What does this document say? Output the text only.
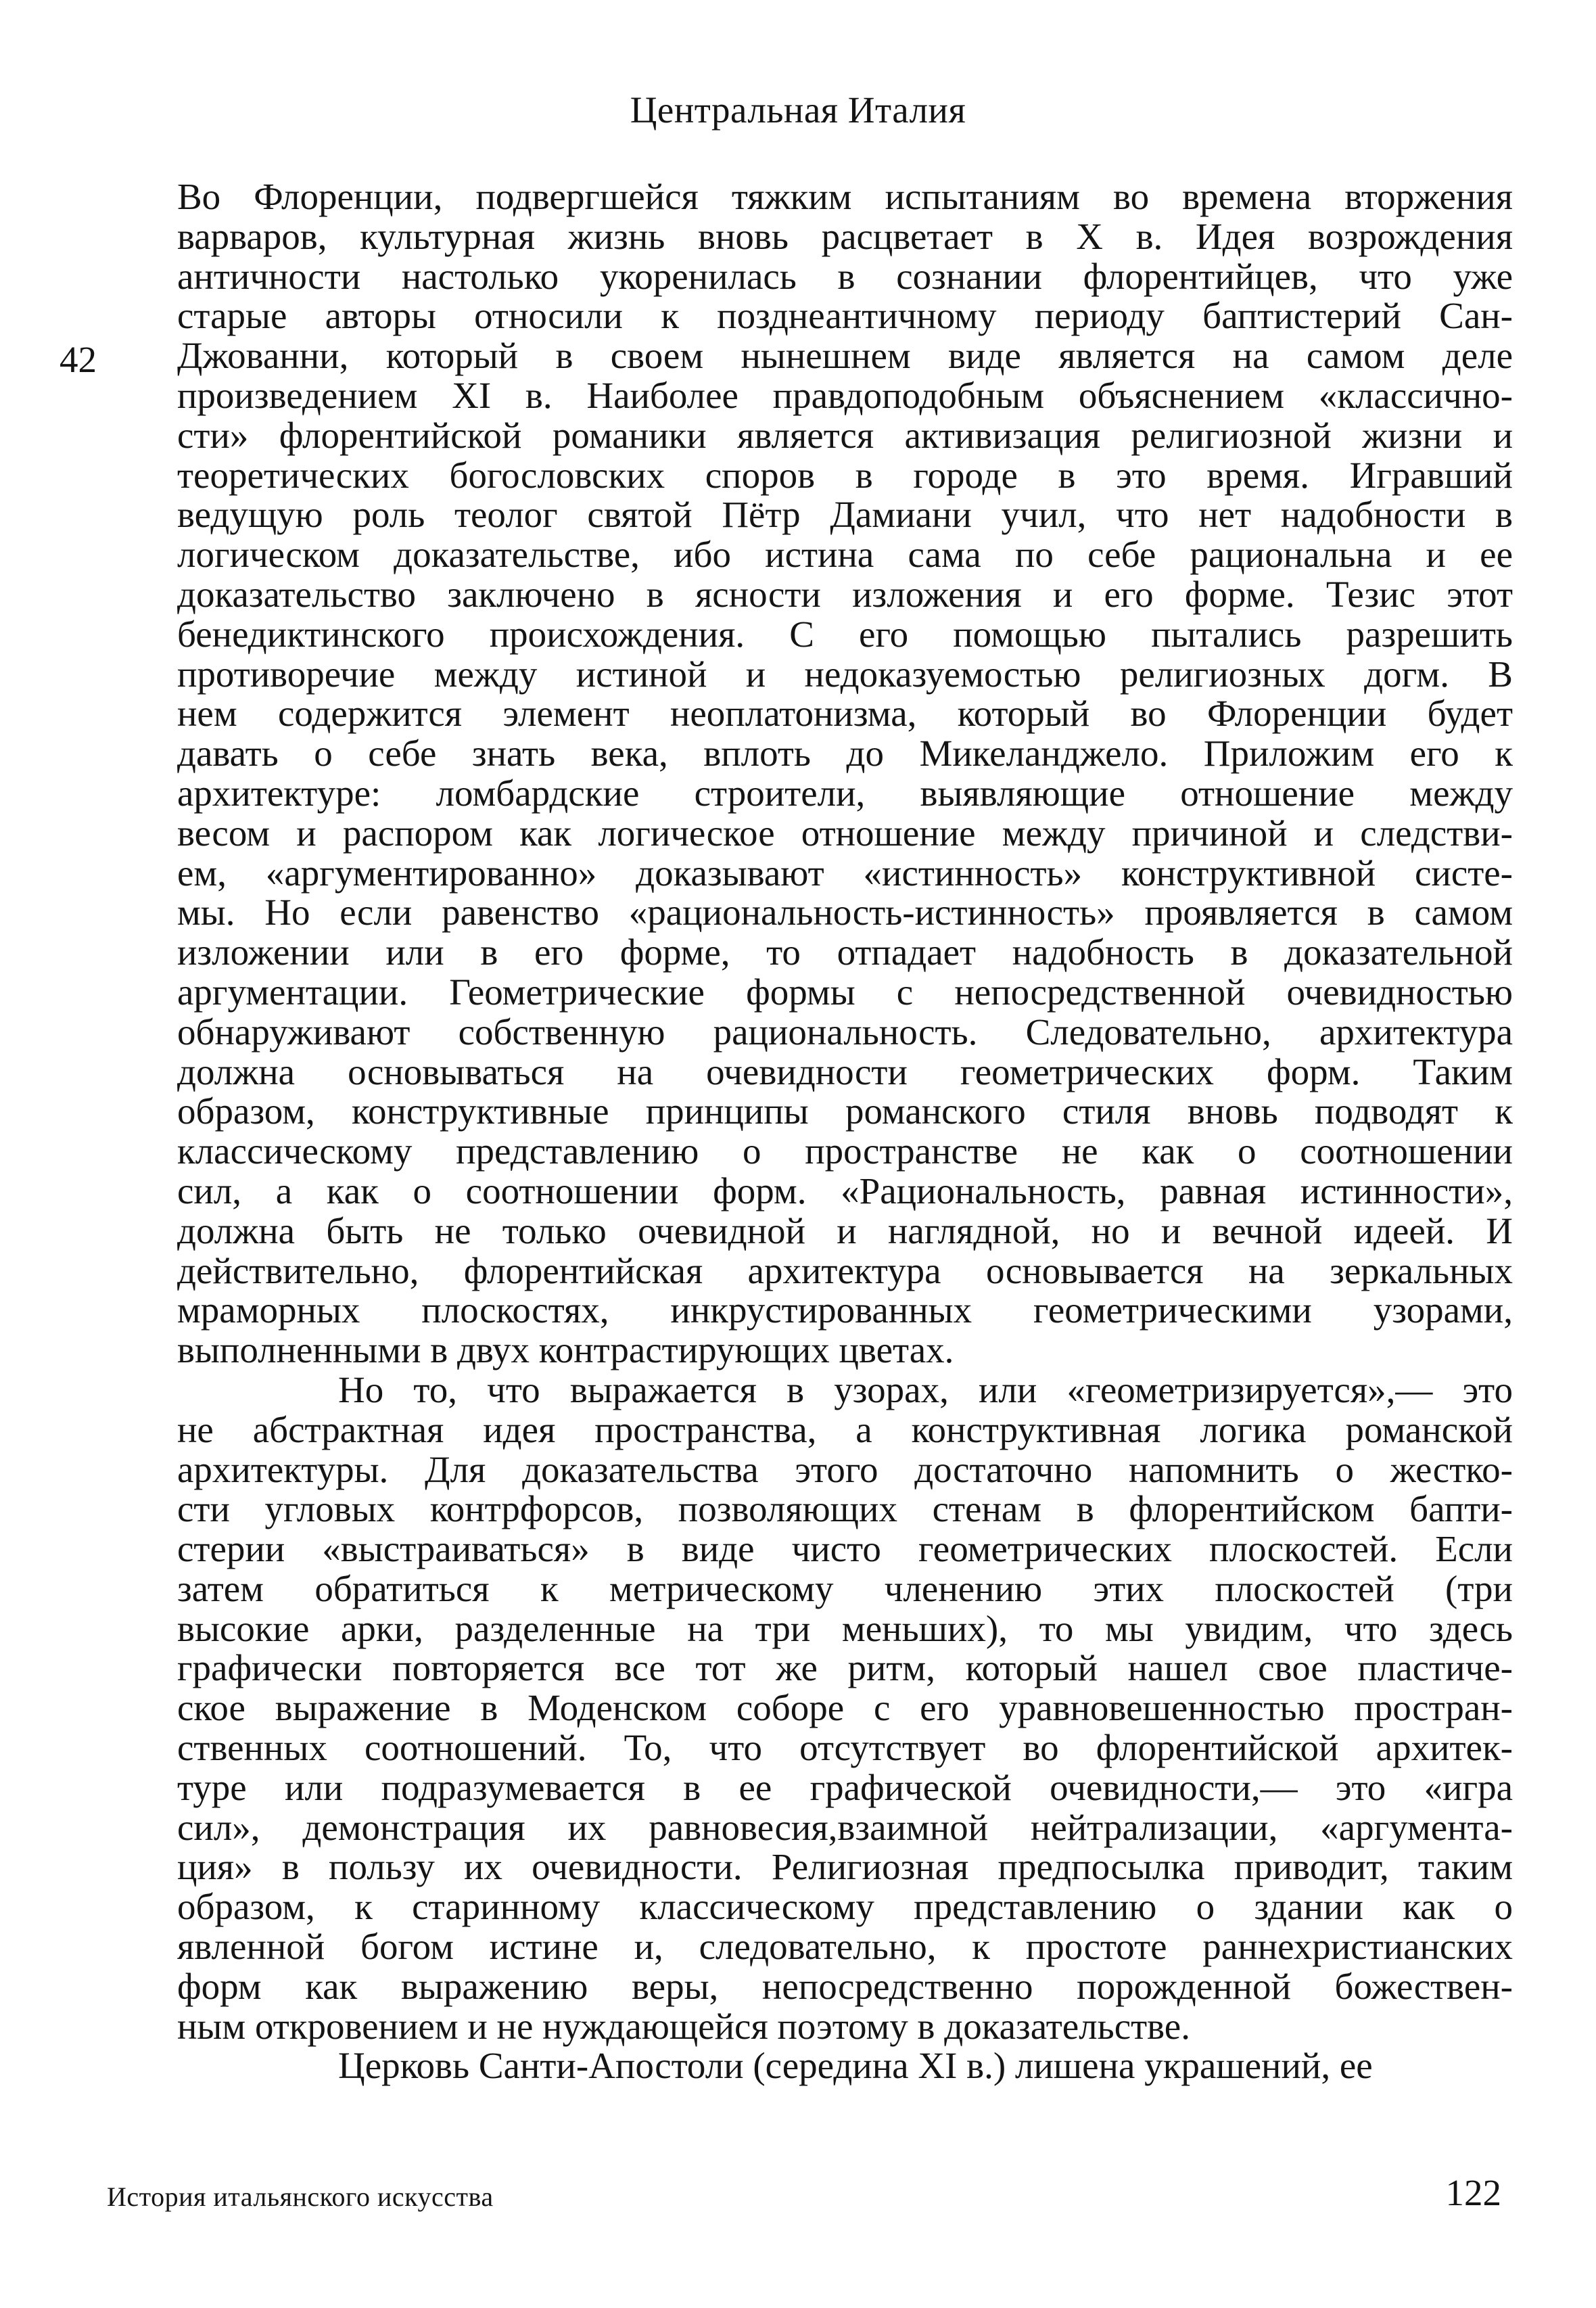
Центральная Италия
42
Во Флоренции, подвергшейся тяжким испытаниям во времена вторжения
варваров, культурная жизнь вновь расцветает в X в. Идея возрождения
античности настолько укоренилась в сознании флорентийцев, что уже
старые авторы относили к позднеантичному периоду баптистерий Сан-
Джованни, который в своем нынешнем виде является на самом деле
произведением XI в. Наиболее правдоподобным объяснением «классично-
сти» флорентийской романики является активизация религиозной жизни и
теоретических богословских споров в городе в это время. Игравший
ведущую роль теолог святой Пётр Дамиани учил, что нет надобности в
логическом доказательстве, ибо истина сама по себе рациональна и ее
доказательство заключено в ясности изложения и его форме. Тезис этот
бенедиктинского происхождения. С его помощью пытались разрешить
противоречие между истиной и недоказуемостью религиозных догм. В
нем содержится элемент неоплатонизма, который во Флоренции будет
давать о себе знать века, вплоть до Микеланджело. Приложим его к
архитектуре: ломбардские строители, выявляющие отношение между
весом и распором как логическое отношение между причиной и следстви-
ем, «аргументированно» доказывают «истинность» конструктивной систе-
мы. Но если равенство «рациональность-истинность» проявляется в самом
изложении или в его форме, то отпадает надобность в доказательной
аргументации. Геометрические формы с непосредственной очевидностью
обнаруживают собственную рациональность. Следовательно, архитектура
должна основываться на очевидности геометрических форм. Таким
образом, конструктивные принципы романского стиля вновь подводят к
классическому представлению о пространстве не как о соотношении
сил, а как о соотношении форм. «Рациональность, равная истинности»,
должна быть не только очевидной и наглядной, но и вечной идеей. И
действительно, флорентийская архитектура основывается на зеркальных
мраморных плоскостях, инкрустированных геометрическими узорами,
выполненными в двух контрастирующих цветах.
Но то, что выражается в узорах, или «геометризируется»,— это
не абстрактная идея пространства, а конструктивная логика романской
архитектуры. Для доказательства этого достаточно напомнить о жестко-
сти угловых контрфорсов, позволяющих стенам в флорентийском бапти-
стерии «выстраиваться» в виде чисто геометрических плоскостей. Если
затем обратиться к метрическому членению этих плоскостей (три
высокие арки, разделенные на три меньших), то мы увидим, что здесь
графически повторяется все тот же ритм, который нашел свое пластиче-
ское выражение в Моденском соборе с его уравновешенностью простран-
ственных соотношений. То, что отсутствует во флорентийской архитек-
туре или подразумевается в ее графической очевидности,— это «игра
сил», демонстрация их равновесия,взаимной нейтрализации, «аргумента-
ция» в пользу их очевидности. Религиозная предпосылка приводит, таким
образом, к старинному классическому представлению о здании как о
явленной богом истине и, следовательно, к простоте раннехристианских
форм как выражению веры, непосредственно порожденной божествен-
ным откровением и не нуждающейся поэтому в доказательстве.
Церковь Санти-Апостоли (середина XI в.) лишена украшений, ее
История итальянского искусства	122
